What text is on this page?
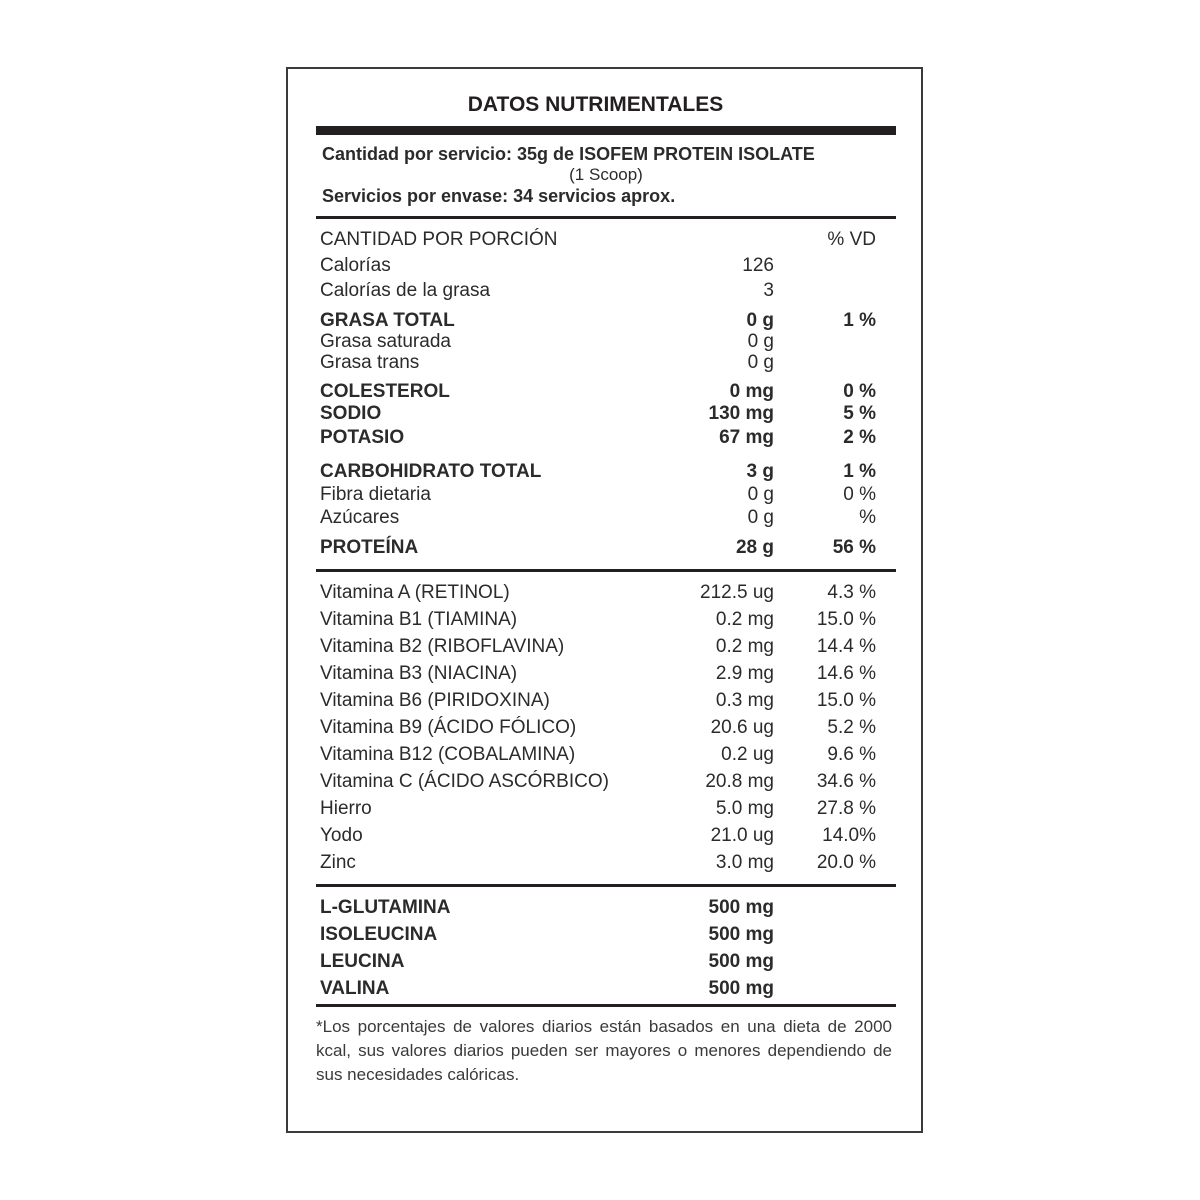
DATOS NUTRIMENTALES
Cantidad por servicio: 35g de ISOFEM PROTEIN ISOLATE
(1 Scoop)
Servicios por envase: 34 servicios aprox.
CANTIDAD POR PORCIÓN	% VD
Calorías	126
Calorías de la grasa	3
GRASA TOTAL	0 g	1 %
Grasa saturada	0 g
Grasa trans	0 g
COLESTEROL	0 mg	0 %
SODIO	130 mg	5 %
POTASIO	67 mg	2 %
CARBOHIDRATO TOTAL	3 g	1 %
Fibra dietaria	0 g	0 %
Azúcares	0 g	%
PROTEÍNA	28 g	56 %
Vitamina A (RETINOL)	212.5 ug	4.3 %
Vitamina B1 (TIAMINA)	0.2 mg 15.0 %
Vitamina B2 (RIBOFLAVINA)	0.2 mg 14.4 %
Vitamina B3 (NIACINA)	2.9 mg 14.6 %
Vitamina B6 (PIRIDOXINA)	0.3 mg 15.0 %
Vitamina B9 (ÁCIDO FÓLICO)	20.6 ug	5.2 %
Vitamina B12 (COBALAMINA)	0.2 ug	9.6 %
Vitamina C (ÁCIDO ASCÓRBICO)	20.8 mg 34.6 %
Hierro	5.0 mg 27.8 %
Yodo	21.0 ug	14.0%
Zinc	3.0 mg 20.0 %
L-GLUTAMINA	500 mg
ISOLEUCINA	500 mg
LEUCINA	500 mg
VALINA	500 mg
*Los porcentajes de valores diarios están basados en una dieta de 2000 kcal, sus valores diarios pueden ser mayores o menores dependiendo de sus necesidades calóricas.
